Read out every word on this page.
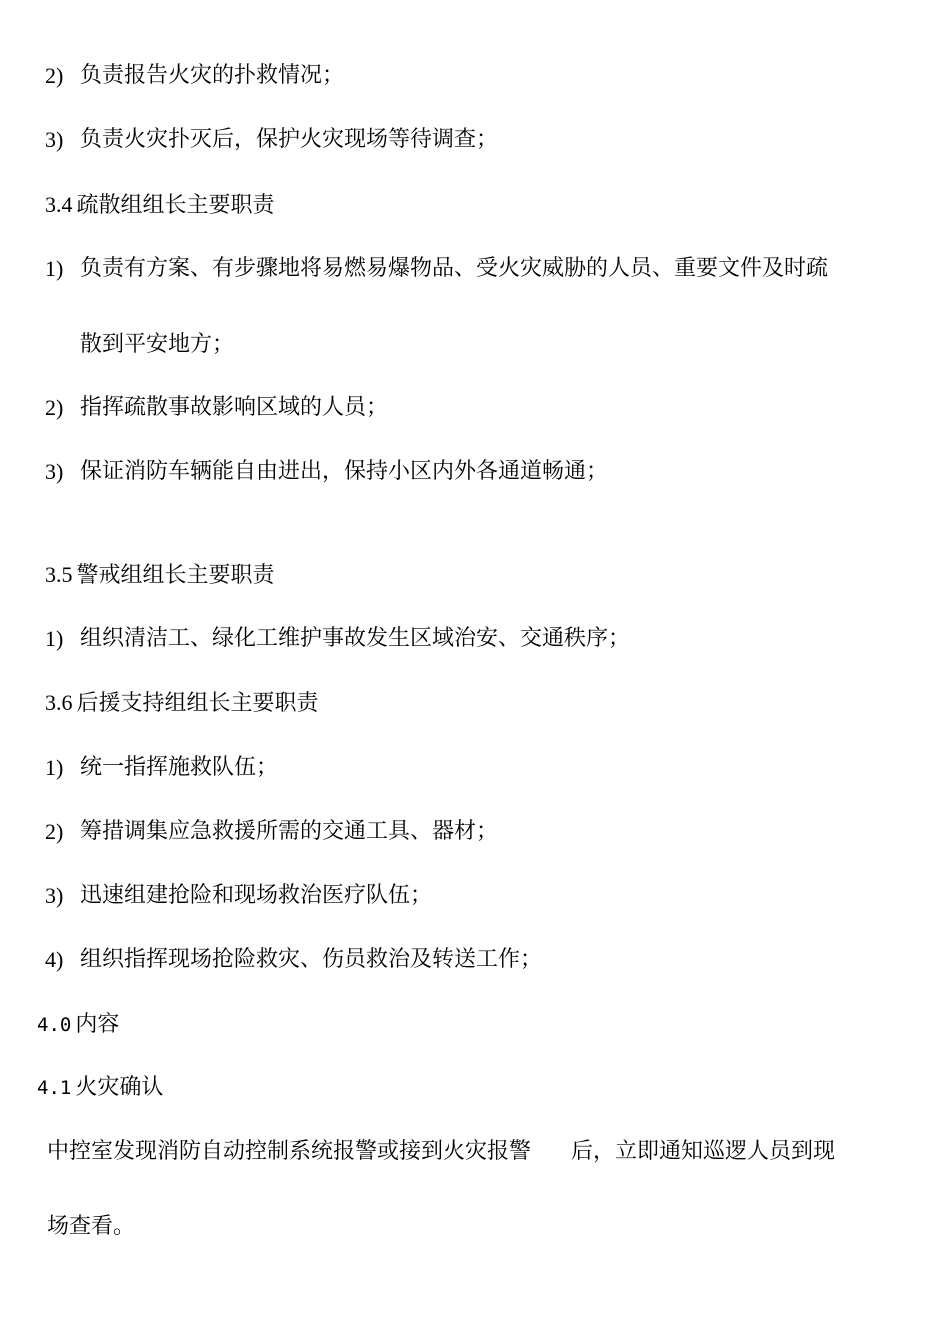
2) 负责报告火灾的扑救情况；

3) 负责火灾扑灭后，保护火灾现场等待调查；

3.4 疏散组组长主要职责

1) 负责有方案、有步骤地将易燃易爆物品、受火灾威胁的人员、重要文件及时疏

散到平安地方；

2) 指挥疏散事故影响区域的人员；

3) 保证消防车辆能自由进出，保持小区内外各通道畅通；

3.5 警戒组组长主要职责

1) 组织清洁工、绿化工维护事故发生区域治安、交通秩序；

3.6 后援支持组组长主要职责

1) 统一指挥施救队伍；

2) 筹措调集应急救援所需的交通工具、器材；

3) 迅速组建抢险和现场救治医疗队伍；

4) 组织指挥现场抢险救灾、伤员救治及转送工作；

4.0 内容

4.1 火灾确认

中控室发现消防自动控制系统报警或接到火灾报警 后，立即通知巡逻人员到现

场查看。
